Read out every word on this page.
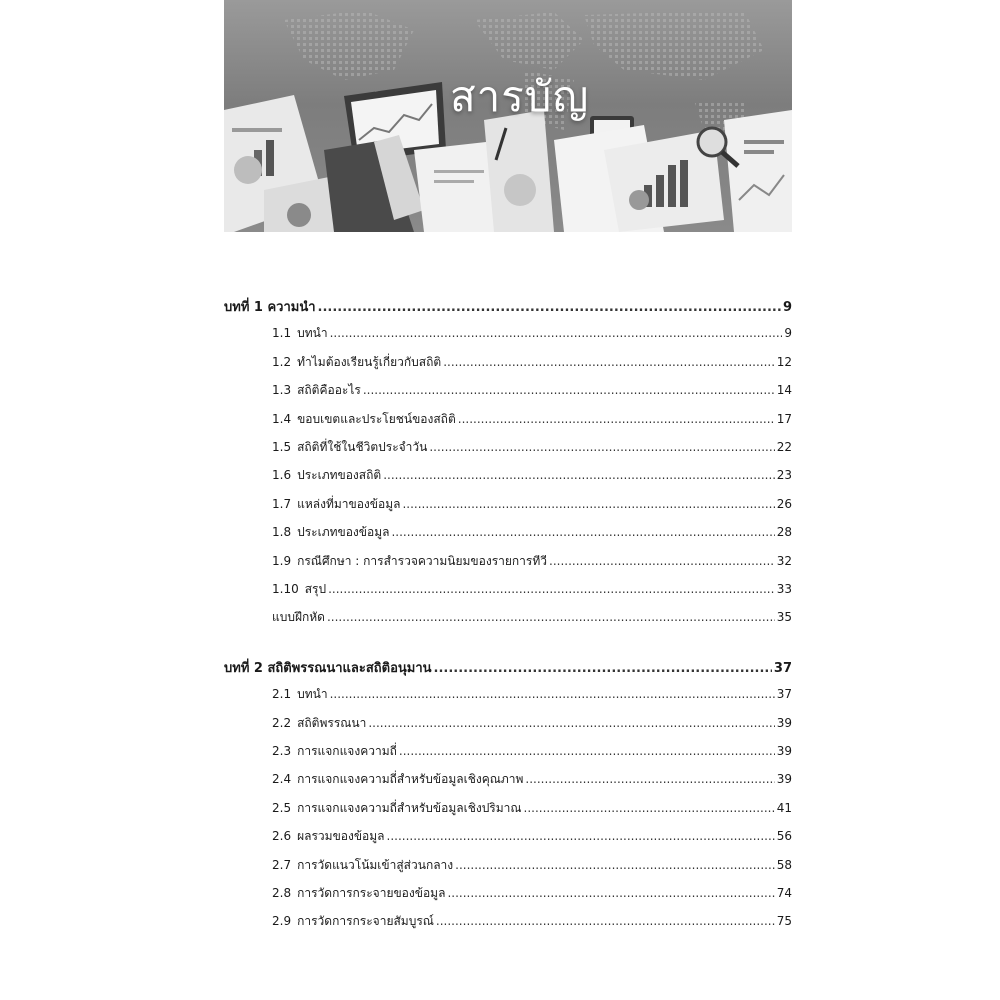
สารบัญ
บทที่ 1 ความนำ .....	9
1.1 บทนำ .....	9
1.2 ทำไมต้องเรียนรู้เกี่ยวกับสถิติ .....	12
1.3 สถิติคืออะไร .....	14
1.4 ขอบเขตและประโยชน์ของสถิติ .....	17
1.5 สถิติที่ใช้ในชีวิตประจำวัน .....	22
1.6 ประเภทของสถิติ .....	23
1.7 แหล่งที่มาของข้อมูล .....	26
1.8 ประเภทของข้อมูล .....	28
1.9 กรณีศึกษา : การสำรวจความนิยมของรายการทีวี .....	32
1.10 สรุป .....	33
แบบฝึกหัด .....	35
บทที่ 2 สถิติพรรณนาและสถิติอนุมาน .....	37
2.1 บทนำ .....	37
2.2 สถิติพรรณนา .....	39
2.3 การแจกแจงความถี่ .....	39
2.4 การแจกแจงความถี่สำหรับข้อมูลเชิงคุณภาพ .....	39
2.5 การแจกแจงความถี่สำหรับข้อมูลเชิงปริมาณ .....	41
2.6 ผลรวมของข้อมูล .....	56
2.7 การวัดแนวโน้มเข้าสู่ส่วนกลาง .....	58
2.8 การวัดการกระจายของข้อมูล .....	74
2.9 การวัดการกระจายสัมบูรณ์ .....	75
